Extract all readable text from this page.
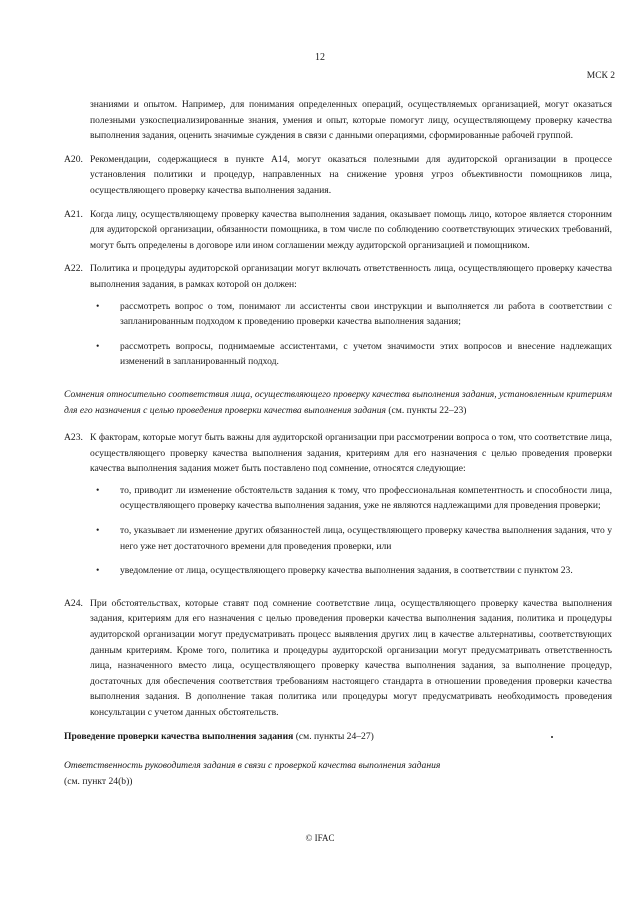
12
МСК 2

знаниями и опытом. Например, для понимания определенных операций, осуществляемых организацией, могут оказаться полезными узкоспециализированные знания, умения и опыт, которые помогут лицу, осуществляющему проверку качества выполнения задания, оценить значимые суждения в связи с данными операциями, сформированные рабочей группой.

A20. Рекомендации, содержащиеся в пункте A14, могут оказаться полезными для аудиторской организации в процессе установления политики и процедур, направленных на снижение уровня угроз объективности помощников лица, осуществляющего проверку качества выполнения задания.

A21. Когда лицу, осуществляющему проверку качества выполнения задания, оказывает помощь лицо, которое является сторонним для аудиторской организации, обязанности помощника, в том числе по соблюдению соответствующих этических требований, могут быть определены в договоре или ином соглашении между аудиторской организацией и помощником.

A22. Политика и процедуры аудиторской организации могут включать ответственность лица, осуществляющего проверку качества выполнения задания, в рамках которой он должен:

•	рассмотреть вопрос о том, понимают ли ассистенты свои инструкции и выполняется ли работа в соответствии с запланированным подходом к проведению проверки качества выполнения задания;
•	рассмотреть вопросы, поднимаемые ассистентами, с учетом значимости этих вопросов и внесение надлежащих изменений в запланированный подход.

Сомнения относительно соответствия лица, осуществляющего проверку качества выполнения задания, установленным критериям для его назначения с целью проведения проверки качества выполнения задания (см. пункты 22–23)

A23. К факторам, которые могут быть важны для аудиторской организации при рассмотрении вопроса о том, что соответствие лица, осуществляющего проверку качества выполнения задания, критериям для его назначения с целью проведения проверки качества выполнения задания может быть поставлено под сомнение, относятся следующие:

•	то, приводит ли изменение обстоятельств задания к тому, что профессиональная компетентность и способности лица, осуществляющего проверку качества выполнения задания, уже не являются надлежащими для проведения проверки;
•	то, указывает ли изменение других обязанностей лица, осуществляющего проверку качества выполнения задания, что у него уже нет достаточного времени для проведения проверки, или
•	уведомление от лица, осуществляющего проверку качества выполнения задания, в соответствии с пунктом 23.
A24. При обстоятельствах, которые ставят под сомнение соответствие лица, осуществляющего проверку качества выполнения задания, критериям для его назначения с целью проведения проверки качества выполнения задания, политика и процедуры аудиторской организации могут предусматривать процесс выявления других лиц в качестве альтернативы, соответствующих данным критериям. Кроме того, политика и процедуры аудиторской организации могут предусматривать ответственность лица, назначенного вместо лица, осуществляющего проверку качества выполнения задания, за выполнение процедур, достаточных для обеспечения соответствия требованиям настоящего стандарта в отношении проведения проверки качества выполнения задания. В дополнение такая политика или процедуры могут предусматривать необходимость проведения консультации с учетом данных обстоятельств.

Проведение проверки качества выполнения задания (см. пункты 24–27)

Ответственность руководителя задания в связи с проверкой качества выполнения задания

(см. пункт 24(b))

© IFAC
